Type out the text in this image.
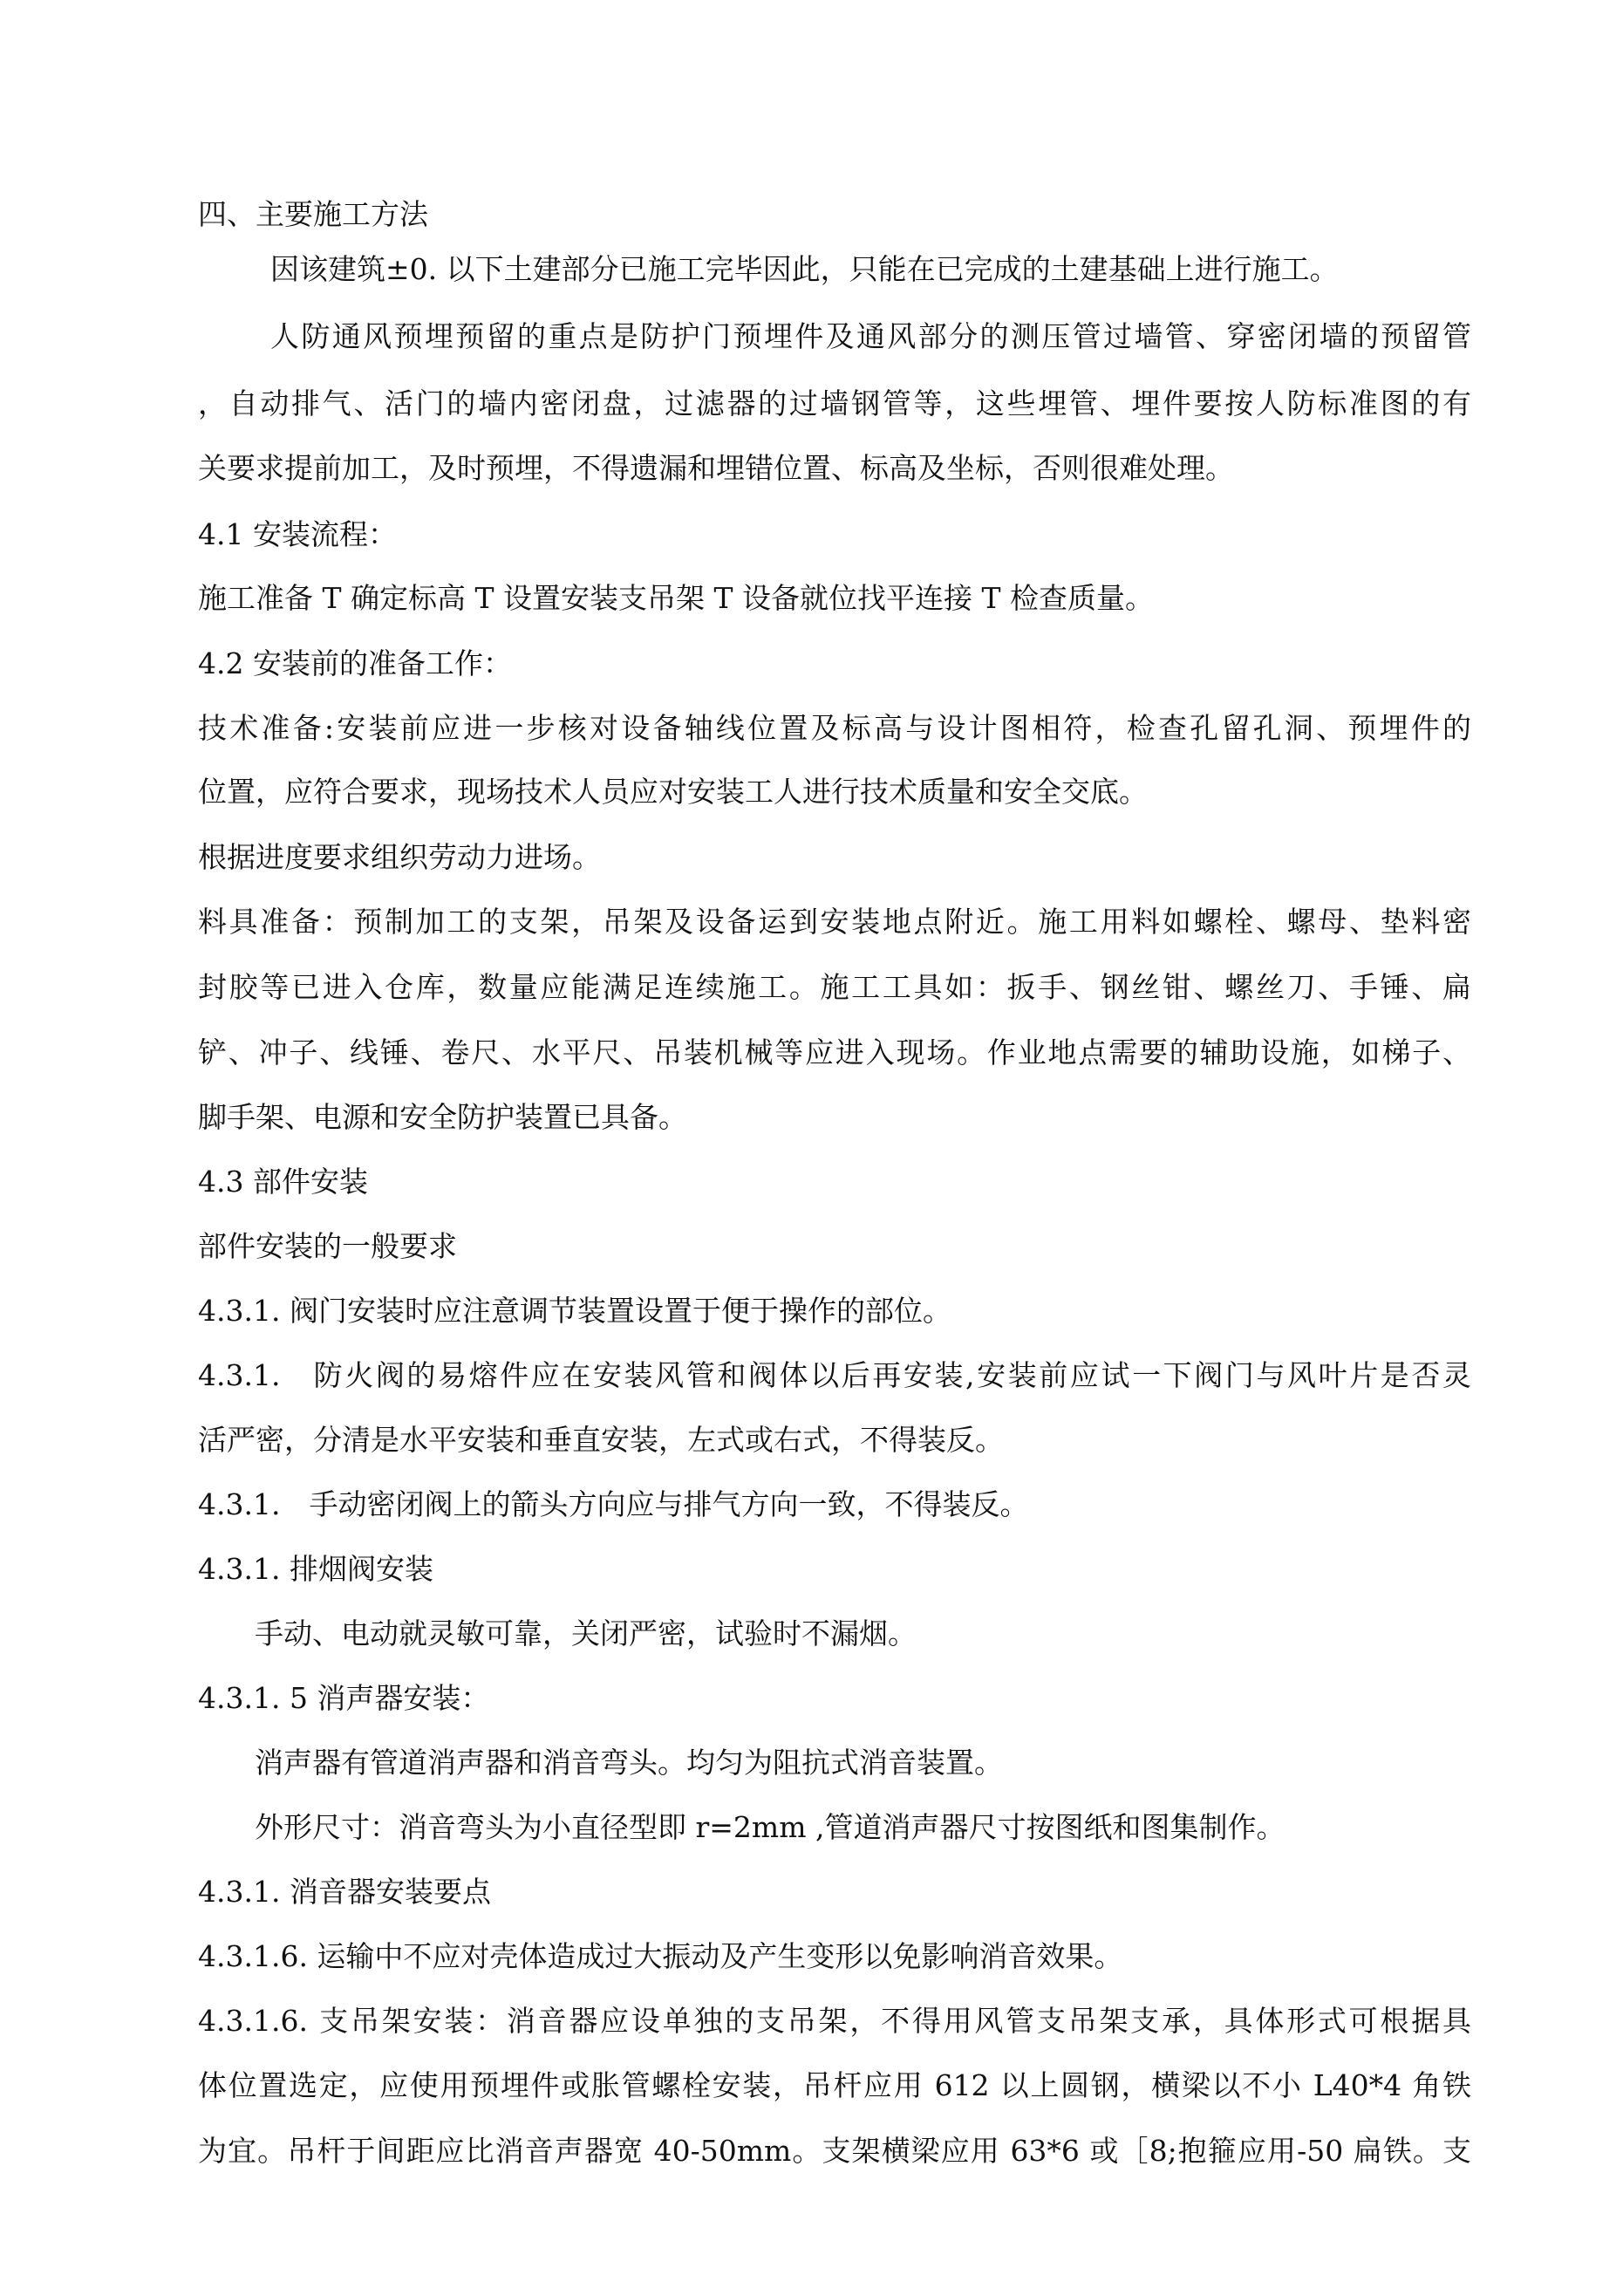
四、主要施工方法

因该建筑±0. 以下土建部分已施工完毕因此，只能在已完成的土建基础上进行施工。

人防通风预埋预留的重点是防护门预埋件及通风部分的测压管过墙管、穿密闭墙的预留管

，自动排气、活门的墙内密闭盘，过滤器的过墙钢管等，这些埋管、埋件要按人防标准图的有

关要求提前加工，及时预埋，不得遗漏和埋错位置、标高及坐标，否则很难处理。

4.1 安装流程：

施工准备 T 确定标高 T 设置安装支吊架 T 设备就位找平连接 T 检查质量。

4.2 安装前的准备工作：

技术准备:安装前应进一步核对设备轴线位置及标高与设计图相符，检查孔留孔洞、预埋件的

位置，应符合要求，现场技术人员应对安装工人进行技术质量和安全交底。

根据进度要求组织劳动力进场。

料具准备：预制加工的支架，吊架及设备运到安装地点附近。施工用料如螺栓、螺母、垫料密

封胶等已进入仓库，数量应能满足连续施工。施工工具如：扳手、钢丝钳、螺丝刀、手锤、扁

铲、冲子、线锤、卷尺、水平尺、吊装机械等应进入现场。作业地点需要的辅助设施，如梯子、

脚手架、电源和安全防护装置已具备。

4.3 部件安装

部件安装的一般要求

4.3.1. 阀门安装时应注意调节装置设置于便于操作的部位。

4.3.1.　防火阀的易熔件应在安装风管和阀体以后再安装,安装前应试一下阀门与风叶片是否灵

活严密，分清是水平安装和垂直安装，左式或右式，不得装反。

4.3.1.　手动密闭阀上的箭头方向应与排气方向一致，不得装反。

4.3.1. 排烟阀安装

手动、电动就灵敏可靠，关闭严密，试验时不漏烟。

4.3.1. 5 消声器安装：

消声器有管道消声器和消音弯头。均匀为阻抗式消音装置。

外形尺寸：消音弯头为小直径型即 r=2mm ,管道消声器尺寸按图纸和图集制作。

4.3.1. 消音器安装要点

4.3.1.6. 运输中不应对壳体造成过大振动及产生变形以免影响消音效果。

4.3.1.6. 支吊架安装：消音器应设单独的支吊架，不得用风管支吊架支承，具体形式可根据具

体位置选定，应使用预埋件或胀管螺栓安装，吊杆应用 612 以上圆钢，横梁以不小 L40*4 角铁

为宜。吊杆于间距应比消音声器宽 40-50mm。支架横梁应用 63*6 或［8;抱箍应用-50 扁铁。支
